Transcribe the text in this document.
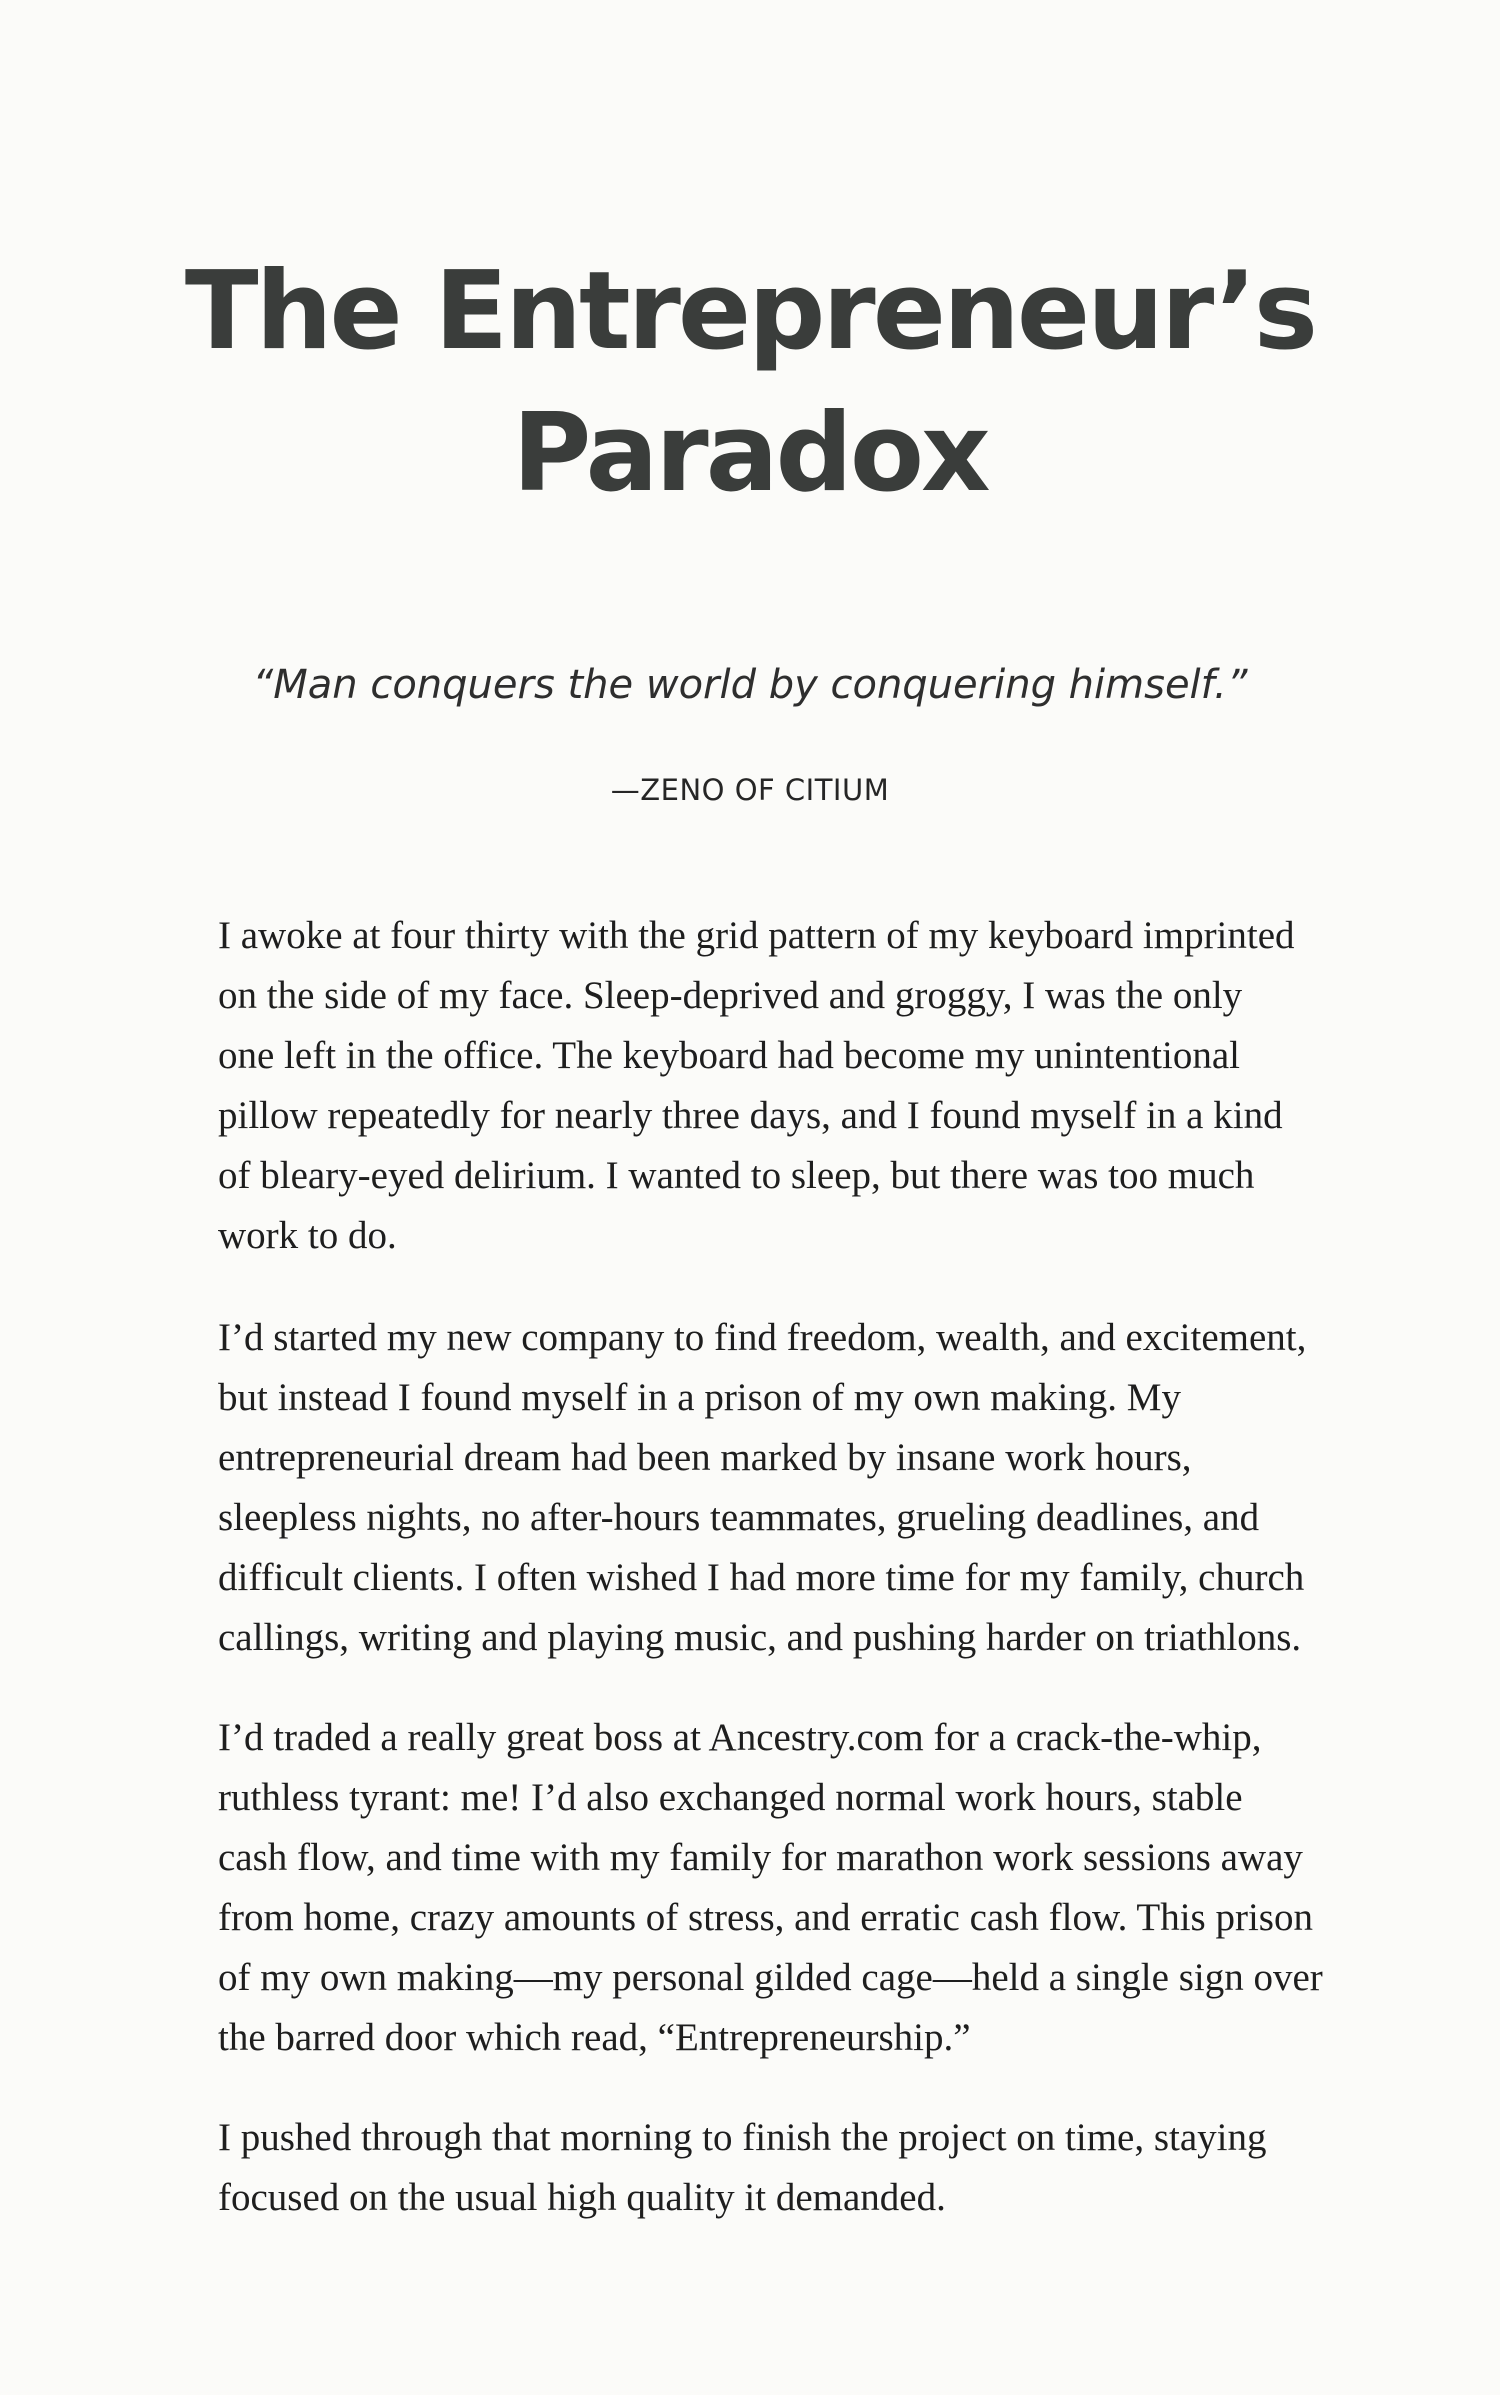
The Entrepreneur’s
Paradox

“Man conquers the world by conquering himself.”

—ZENO OF CITIUM

I awoke at four thirty with the grid pattern of my keyboard imprinted
on the side of my face. Sleep-deprived and groggy, I was the only
one left in the office. The keyboard had become my unintentional
pillow repeatedly for nearly three days, and I found myself in a kind
of bleary-eyed delirium. I wanted to sleep, but there was too much
work to do.

I’d started my new company to find freedom, wealth, and excitement,
but instead I found myself in a prison of my own making. My
entrepreneurial dream had been marked by insane work hours,
sleepless nights, no after-hours teammates, grueling deadlines, and
difficult clients. I often wished I had more time for my family, church
callings, writing and playing music, and pushing harder on triathlons.

I’d traded a really great boss at Ancestry.com for a crack-the-whip,
ruthless tyrant: me! I’d also exchanged normal work hours, stable
cash flow, and time with my family for marathon work sessions away
from home, crazy amounts of stress, and erratic cash flow. This prison
of my own making—my personal gilded cage—held a single sign over
the barred door which read, “Entrepreneurship.”

I pushed through that morning to finish the project on time, staying
focused on the usual high quality it demanded.
